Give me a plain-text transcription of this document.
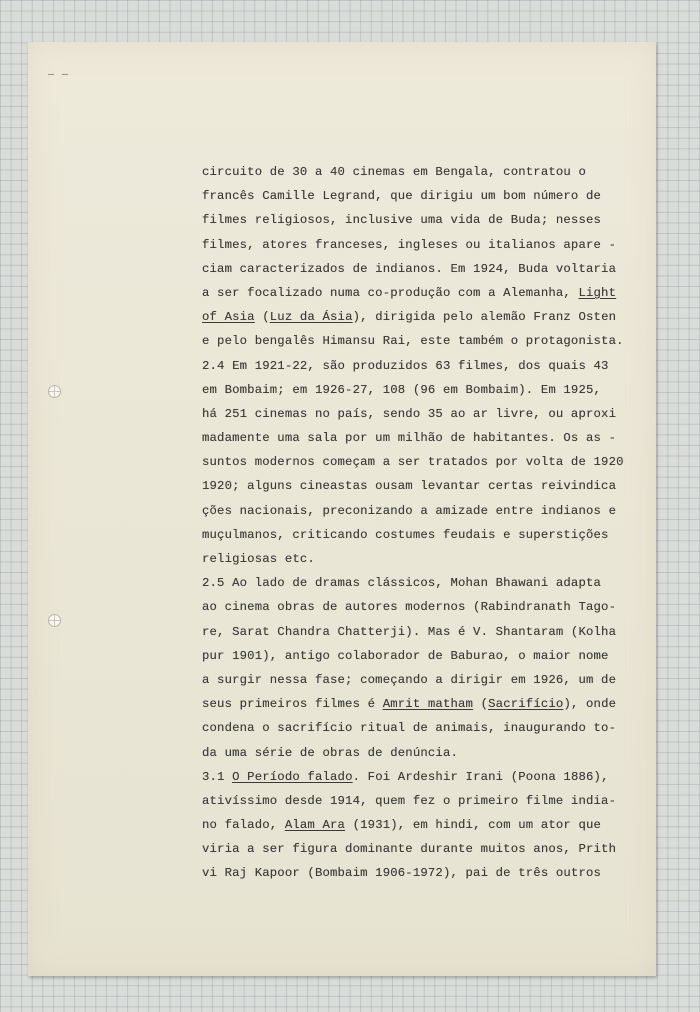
— —
circuito de 30 a 40 cinemas em Bengala, contratou o
francês Camille Legrand, que dirigiu um bom número de
filmes religiosos, inclusive uma vida de Buda; nesses
filmes, atores franceses, ingleses ou italianos apare -
ciam caracterizados de indianos. Em 1924, Buda voltaria
a ser focalizado numa co-produção com a Alemanha, Light
of Asia (Luz da Ásia), dirigida pelo alemão Franz Osten
e pelo bengalês Himansu Rai, este também o protagonista.
2.4 Em 1921-22, são produzidos 63 filmes, dos quais 43
em Bombaim; em 1926-27, 108 (96 em Bombaim). Em 1925,
há 251 cinemas no país, sendo 35 ao ar livre, ou aproxi
madamente uma sala por um milhão de habitantes. Os as -
suntos modernos começam a ser tratados por volta de 1920
1920; alguns cineastas ousam levantar certas reivindica
ções nacionais, preconizando a amizade entre indianos e
muçulmanos, criticando costumes feudais e superstições
religiosas etc.
2.5 Ao lado de dramas clássicos, Mohan Bhawani adapta
ao cinema obras de autores modernos (Rabindranath Tago-
re, Sarat Chandra Chatterji). Mas é V. Shantaram (Kolha
pur 1901), antigo colaborador de Baburao, o maior nome
a surgir nessa fase; começando a dirigir em 1926, um de
seus primeiros filmes é Amrit matham (Sacrifício), onde
condena o sacrifício ritual de animais, inaugurando to-
da uma série de obras de denúncia.
3.1 O Período falado. Foi Ardeshir Irani (Poona 1886),
ativíssimo desde 1914, quem fez o primeiro filme india-
no falado, Alam Ara (1931), em hindi, com um ator que
viria a ser figura dominante durante muitos anos, Prith
vi Raj Kapoor (Bombaim 1906-1972), pai de três outros
